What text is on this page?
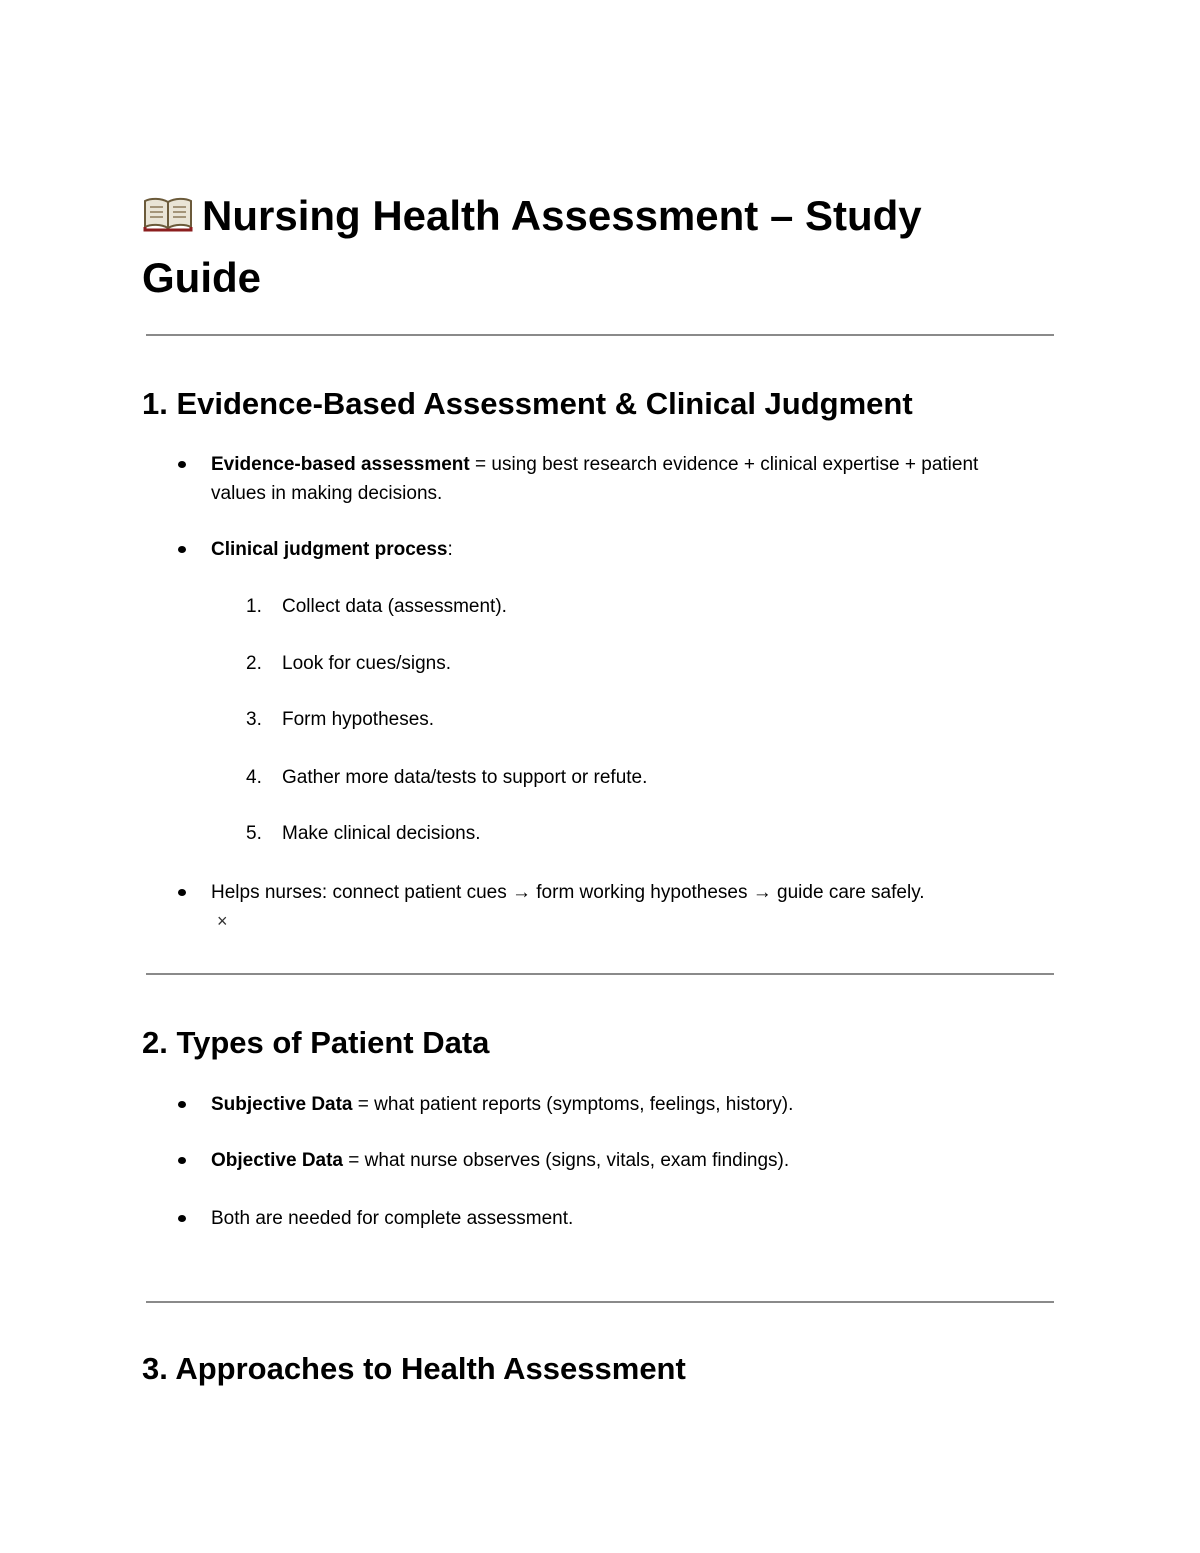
Nursing Health Assessment – Study Guide
1. Evidence-Based Assessment & Clinical Judgment
Evidence-based assessment = using best research evidence + clinical expertise + patient values in making decisions.
Clinical judgment process:
1. Collect data (assessment).
2. Look for cues/signs.
3. Form hypotheses.
4. Gather more data/tests to support or refute.
5. Make clinical decisions.
Helps nurses: connect patient cues → form working hypotheses → guide care safely.
×
2. Types of Patient Data
Subjective Data = what patient reports (symptoms, feelings, history).
Objective Data = what nurse observes (signs, vitals, exam findings).
Both are needed for complete assessment.
3. Approaches to Health Assessment
